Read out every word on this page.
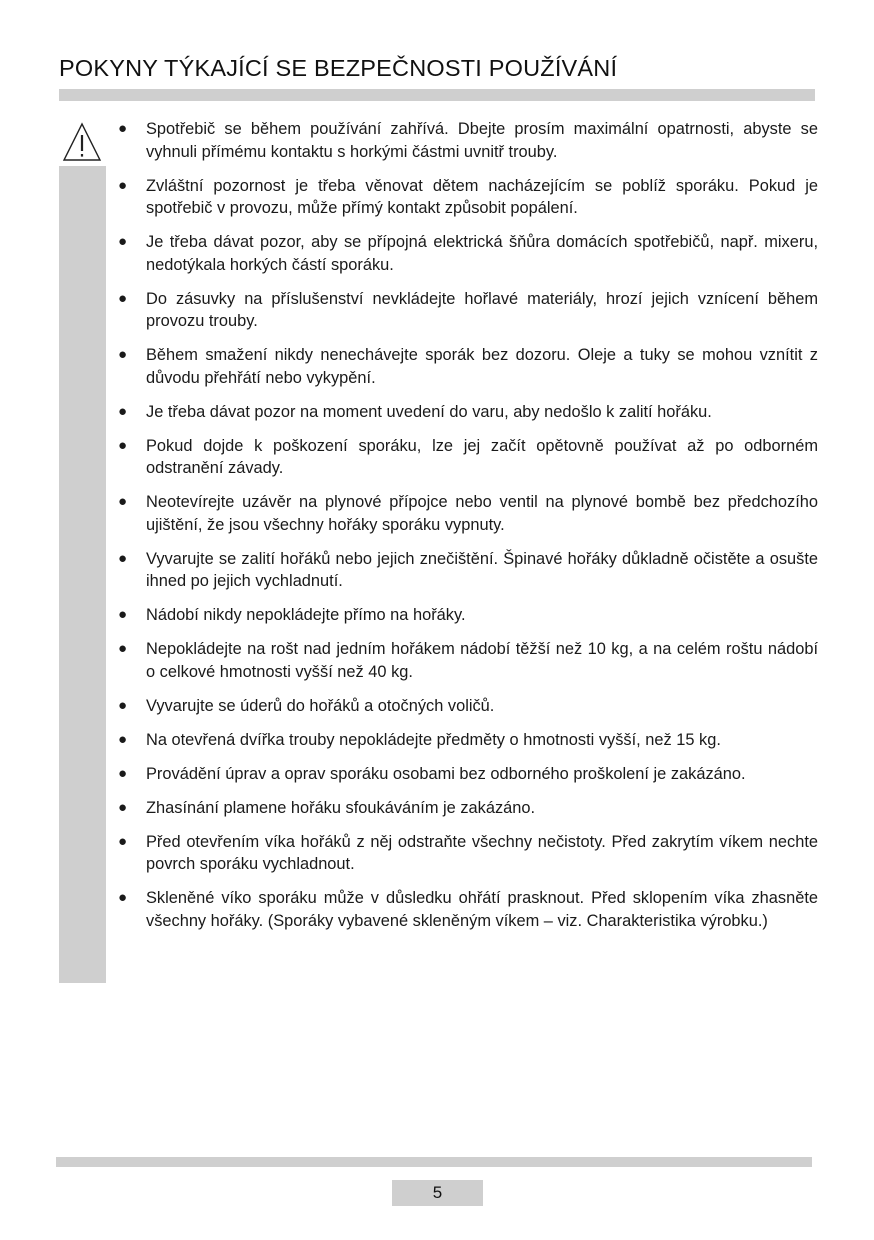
POKYNY TÝKAJÍCÍ SE BEZPEČNOSTI POUŽÍVÁNÍ
●	Spotřebič se během používání zahřívá. Dbejte prosím maximální opatrnosti, abyste se vyhnuli přímému kontaktu s horkými částmi uvnitř trouby.
●	Zvláštní pozornost je třeba věnovat dětem nacházejícím se poblíž sporáku. Pokud je spotřebič v provozu, může přímý kontakt způsobit popálení.
●	Je třeba dávat pozor, aby se přípojná elektrická šňůra domácích spotřebičů, např. mixeru, nedotýkala horkých částí sporáku.
●	Do zásuvky na příslušenství nevkládejte hořlavé materiály, hrozí jejich vznícení během provozu trouby.
●	Během smažení nikdy nenechávejte sporák bez dozoru. Oleje a tuky se mohou vznítit z důvodu přehřátí nebo vykypění.
●	Je třeba dávat pozor na moment uvedení do varu, aby nedošlo k zalití hořáku.
●	Pokud dojde k poškození sporáku, lze jej začít opětovně používat až po odborném odstranění závady.
●	Neotevírejte uzávěr na plynové přípojce nebo ventil na plynové bombě bez předchozího ujištění, že jsou všechny hořáky sporáku vypnuty.
●	Vyvarujte se zalití hořáků nebo jejich znečištění. Špinavé hořáky důkladně očistěte a osušte ihned po jejich vychladnutí.
●	Nádobí nikdy nepokládejte přímo na hořáky.
●	Nepokládejte na rošt nad jedním hořákem nádobí těžší než 10 kg, a na celém roštu nádobí o celkové hmotnosti vyšší než 40 kg.
●	Vyvarujte se úderů do hořáků a otočných voličů.
●	Na otevřená dvířka trouby nepokládejte předměty o hmotnosti vyšší, než 15 kg.
●	Provádění úprav a oprav sporáku osobami bez odborného proškolení je zakázáno.
●	Zhasínání plamene hořáku sfoukáváním je zakázáno.
●	Před otevřením víka hořáků z něj odstraňte všechny nečistoty. Před zakrytím víkem nechte povrch sporáku vychladnout.
●	Skleněné víko sporáku může v důsledku ohřátí prasknout. Před sklopením víka zhasněte všechny hořáky. (Sporáky vybavené skleněným víkem – viz. Charakteristika výrobku.)
5
